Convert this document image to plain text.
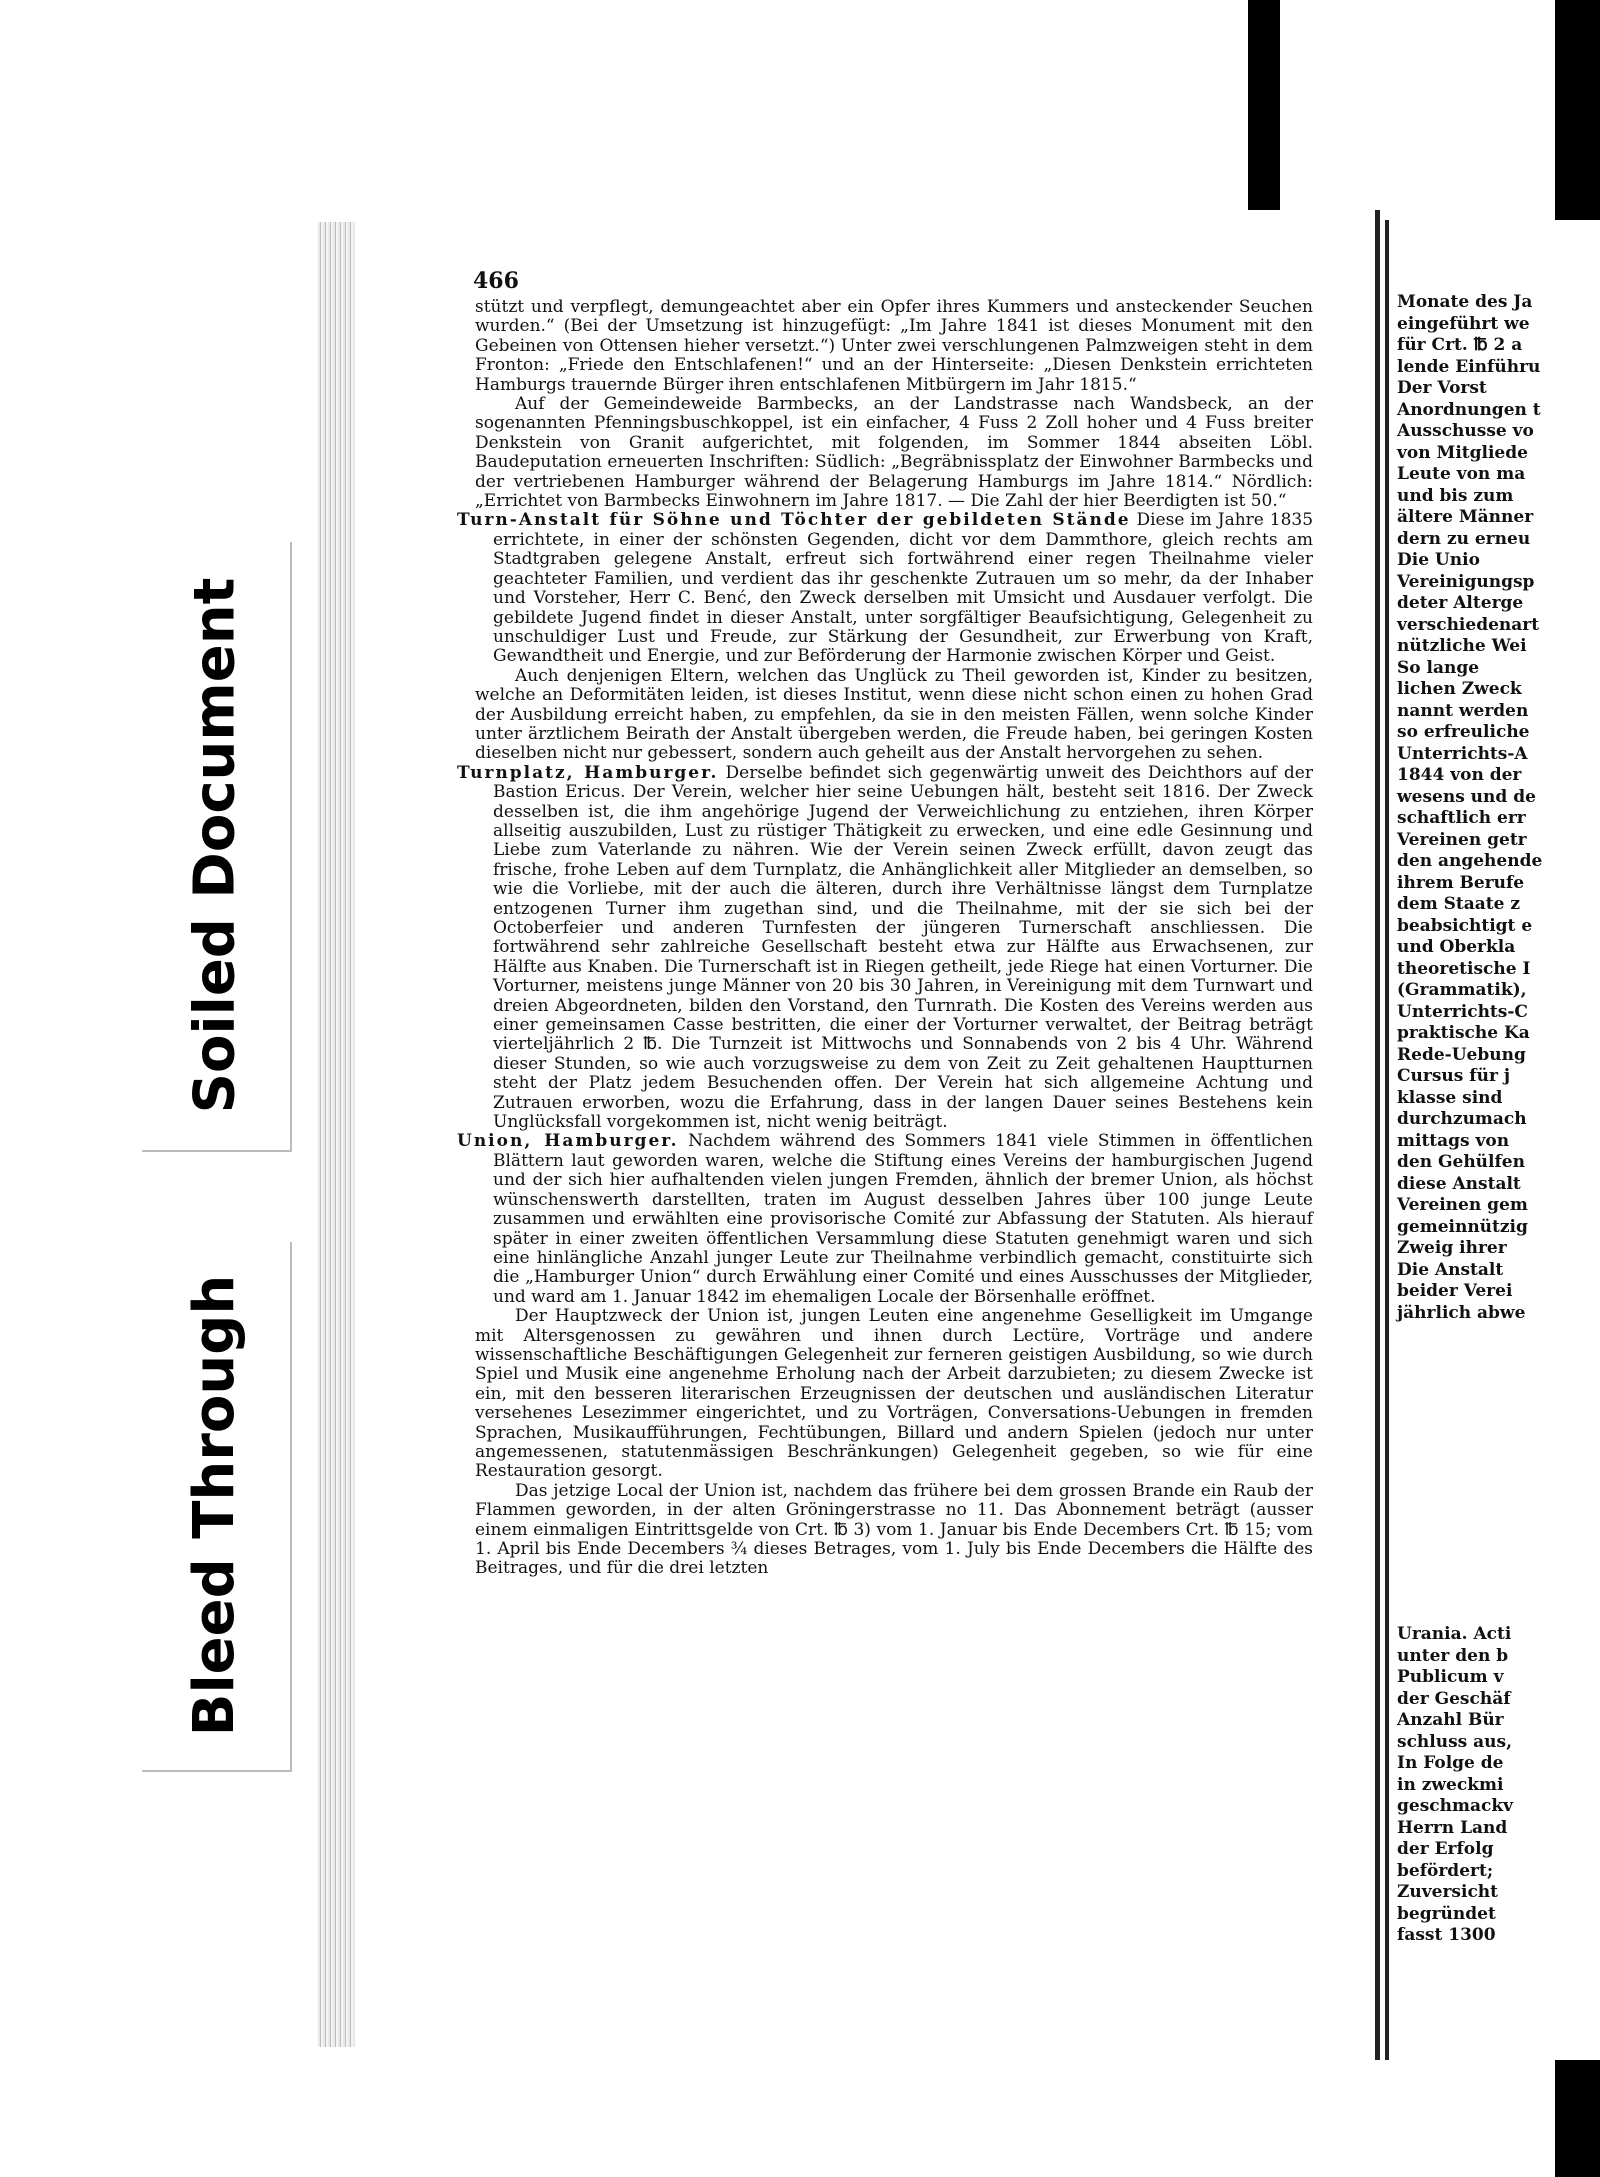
Soiled Document
Bleed Through
466

stützt und verpflegt, demungeachtet aber ein Opfer ihres Kummers und ansteckender Seuchen wurden.“ (Bei der Umsetzung ist hinzugefügt: „Im Jahre 1841 ist dieses Monument mit den Gebeinen von Ottensen hieher versetzt.“) Unter zwei verschlungenen Palmzweigen steht in dem Fronton: „Friede den Entschlafenen!“ und an der Hinterseite: „Diesen Denkstein errichteten Hamburgs trauernde Bürger ihren entschlafenen Mitbürgern im Jahr 1815.“

Auf der Gemeindeweide Barmbecks, an der Landstrasse nach Wandsbeck, an der sogenannten Pfenningsbuschkoppel, ist ein einfacher, 4 Fuss 2 Zoll hoher und 4 Fuss breiter Denkstein von Granit aufgerichtet, mit folgenden, im Sommer 1844 abseiten Löbl. Baudeputation erneuerten Inschriften: Südlich: „Begräbnissplatz der Einwohner Barmbecks und der vertriebenen Hamburger während der Belagerung Hamburgs im Jahre 1814.“ Nördlich: „Errichtet von Barmbecks Einwohnern im Jahre 1817. — Die Zahl der hier Beerdigten ist 50.“

Turn-Anstalt für Söhne und Töchter der gebildeten Stände Diese im Jahre 1835 errichtete, in einer der schönsten Gegenden, dicht vor dem Dammthore, gleich rechts am Stadtgraben gelegene Anstalt, erfreut sich fortwährend einer regen Theilnahme vieler geachteter Familien, und verdient das ihr geschenkte Zutrauen um so mehr, da der Inhaber und Vorsteher, Herr C. Benć, den Zweck derselben mit Umsicht und Ausdauer verfolgt. Die gebildete Jugend findet in dieser Anstalt, unter sorgfältiger Beaufsichtigung, Gelegenheit zu unschuldiger Lust und Freude, zur Stärkung der Gesundheit, zur Erwerbung von Kraft, Gewandtheit und Energie, und zur Beförderung der Harmonie zwischen Körper und Geist.

Auch denjenigen Eltern, welchen das Unglück zu Theil geworden ist, Kinder zu besitzen, welche an Deformitäten leiden, ist dieses Institut, wenn diese nicht schon einen zu hohen Grad der Ausbildung erreicht haben, zu empfehlen, da sie in den meisten Fällen, wenn solche Kinder unter ärztlichem Beirath der Anstalt übergeben werden, die Freude haben, bei geringen Kosten dieselben nicht nur gebessert, sondern auch geheilt aus der Anstalt hervorgehen zu sehen.

Turnplatz, Hamburger. Derselbe befindet sich gegenwärtig unweit des Deichthors auf der Bastion Ericus. Der Verein, welcher hier seine Uebungen hält, besteht seit 1816. Der Zweck desselben ist, die ihm angehörige Jugend der Verweichlichung zu entziehen, ihren Körper allseitig auszubilden, Lust zu rüstiger Thätigkeit zu erwecken, und eine edle Gesinnung und Liebe zum Vaterlande zu nähren. Wie der Verein seinen Zweck erfüllt, davon zeugt das frische, frohe Leben auf dem Turnplatz, die Anhänglichkeit aller Mitglieder an demselben, so wie die Vorliebe, mit der auch die älteren, durch ihre Verhältnisse längst dem Turnplatze entzogenen Turner ihm zugethan sind, und die Theilnahme, mit der sie sich bei der Octoberfeier und anderen Turnfesten der jüngeren Turnerschaft anschliessen. Die fortwährend sehr zahlreiche Gesellschaft besteht etwa zur Hälfte aus Erwachsenen, zur Hälfte aus Knaben. Die Turnerschaft ist in Riegen getheilt, jede Riege hat einen Vorturner. Die Vorturner, meistens junge Männer von 20 bis 30 Jahren, in Vereinigung mit dem Turnwart und dreien Abgeordneten, bilden den Vorstand, den Turnrath. Die Kosten des Vereins werden aus einer gemeinsamen Casse bestritten, die einer der Vorturner verwaltet, der Beitrag beträgt vierteljährlich 2 ℔. Die Turnzeit ist Mittwochs und Sonnabends von 2 bis 4 Uhr. Während dieser Stunden, so wie auch vorzugsweise zu dem von Zeit zu Zeit gehaltenen Hauptturnen steht der Platz jedem Besuchenden offen. Der Verein hat sich allgemeine Achtung und Zutrauen erworben, wozu die Erfahrung, dass in der langen Dauer seines Bestehens kein Unglücksfall vorgekommen ist, nicht wenig beiträgt.

Union, Hamburger. Nachdem während des Sommers 1841 viele Stimmen in öffentlichen Blättern laut geworden waren, welche die Stiftung eines Vereins der hamburgischen Jugend und der sich hier aufhaltenden vielen jungen Fremden, ähnlich der bremer Union, als höchst wünschenswerth darstellten, traten im August desselben Jahres über 100 junge Leute zusammen und erwählten eine provisorische Comité zur Abfassung der Statuten. Als hierauf später in einer zweiten öffentlichen Versammlung diese Statuten genehmigt waren und sich eine hinlängliche Anzahl junger Leute zur Theilnahme verbindlich gemacht, constituirte sich die „Hamburger Union“ durch Erwählung einer Comité und eines Ausschusses der Mitglieder, und ward am 1. Januar 1842 im ehemaligen Locale der Börsenhalle eröffnet.

Der Hauptzweck der Union ist, jungen Leuten eine angenehme Geselligkeit im Umgange mit Altersgenossen zu gewähren und ihnen durch Lectüre, Vorträge und andere wissenschaftliche Beschäftigungen Gelegenheit zur ferneren geistigen Ausbildung, so wie durch Spiel und Musik eine angenehme Erholung nach der Arbeit darzubieten; zu diesem Zwecke ist ein, mit den besseren literarischen Erzeugnissen der deutschen und ausländischen Literatur versehenes Lesezimmer eingerichtet, und zu Vorträgen, Conversations-Uebungen in fremden Sprachen, Musikaufführungen, Fechtübungen, Billard und andern Spielen (jedoch nur unter angemessenen, statutenmässigen Beschränkungen) Gelegenheit gegeben, so wie für eine Restauration gesorgt.

Das jetzige Local der Union ist, nachdem das frühere bei dem grossen Brande ein Raub der Flammen geworden, in der alten Gröningerstrasse no 11. Das Abonnement beträgt (ausser einem einmaligen Eintrittsgelde von Crt. ℔ 3) vom 1. Januar bis Ende Decembers Crt. ℔ 15; vom 1. April bis Ende Decembers ¾ dieses Betrages, vom 1. July bis Ende Decembers die Hälfte des Beitrages, und für die drei letzten

Monate des Ja
eingeführt we
für Crt. ℔ 2 a
lende Einführu
Der Vorst
Anordnungen t
Ausschusse vo
von Mitgliede
Leute von ma
und bis zum
ältere Männer
dern zu erneu
Die Unio
Vereinigungsp
deter Alterge
verschiedenart
nützliche Wei
So lange
lichen Zweck
nannt werden
so erfreuliche
Unterrichts-A
1844 von der
wesens und de
schaftlich err
Vereinen getr
den angehende
ihrem Berufe
dem Staate z
beabsichtigt e
und Oberkla
theoretische I
(Grammatik),
Unterrichts-C
praktische Ka
Rede-Uebung
Cursus für j
klasse sind
durchzumach
mittags von
den Gehülfen
diese Anstalt
Vereinen gem
gemeinnützig
Zweig ihrer
Die Anstalt
beider Verei
jährlich abwe
Urania. Acti
unter den b
Publicum v
der Geschäf
Anzahl Bür
schluss aus,
In Folge de
in zweckmi
geschmackv
Herrn Land
der Erfolg
befördert;
Zuversicht
begründet
fasst 1300
